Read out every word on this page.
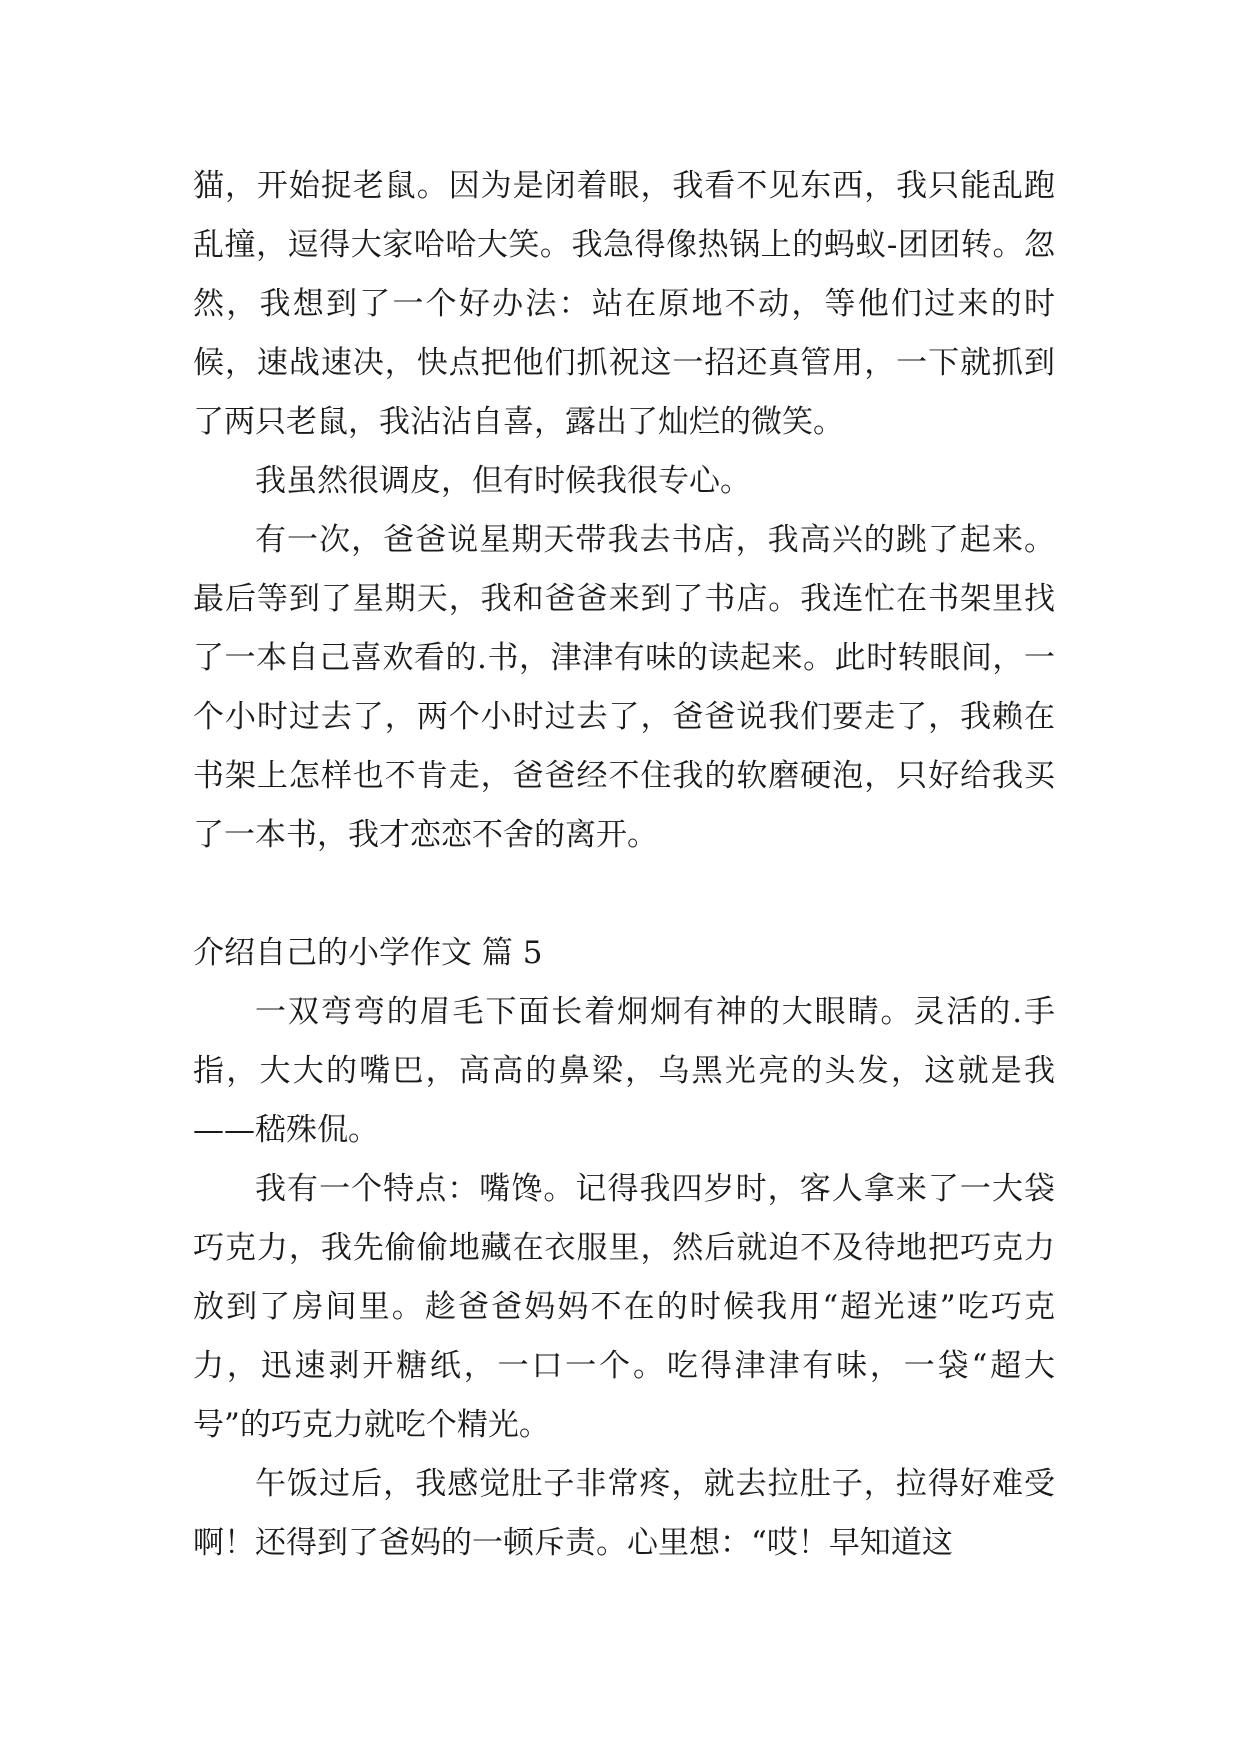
猫，开始捉老鼠。因为是闭着眼，我看不见东西，我只能乱跑乱撞，逗得大家哈哈大笑。我急得像热锅上的蚂蚁-团团转。忽然，我想到了一个好办法：站在原地不动，等他们过来的时候，速战速决，快点把他们抓祝这一招还真管用，一下就抓到了两只老鼠，我沾沾自喜，露出了灿烂的微笑。

我虽然很调皮，但有时候我很专心。

有一次，爸爸说星期天带我去书店，我高兴的跳了起来。最后等到了星期天，我和爸爸来到了书店。我连忙在书架里找了一本自己喜欢看的.书，津津有味的读起来。此时转眼间，一个小时过去了，两个小时过去了，爸爸说我们要走了，我赖在书架上怎样也不肯走，爸爸经不住我的软磨硬泡，只好给我买了一本书，我才恋恋不舍的离开。

介绍自己的小学作文 篇 5

一双弯弯的眉毛下面长着炯炯有神的大眼睛。灵活的.手指，大大的嘴巴，高高的鼻梁，乌黑光亮的头发，这就是我——嵇殊侃。

我有一个特点：嘴馋。记得我四岁时，客人拿来了一大袋巧克力，我先偷偷地藏在衣服里，然后就迫不及待地把巧克力放到了房间里。趁爸爸妈妈不在的时候我用“超光速”吃巧克力，迅速剥开糖纸，一口一个。吃得津津有味，一袋“超大号”的巧克力就吃个精光。

午饭过后，我感觉肚子非常疼，就去拉肚子，拉得好难受啊！还得到了爸妈的一顿斥责。心里想：“哎！早知道这
